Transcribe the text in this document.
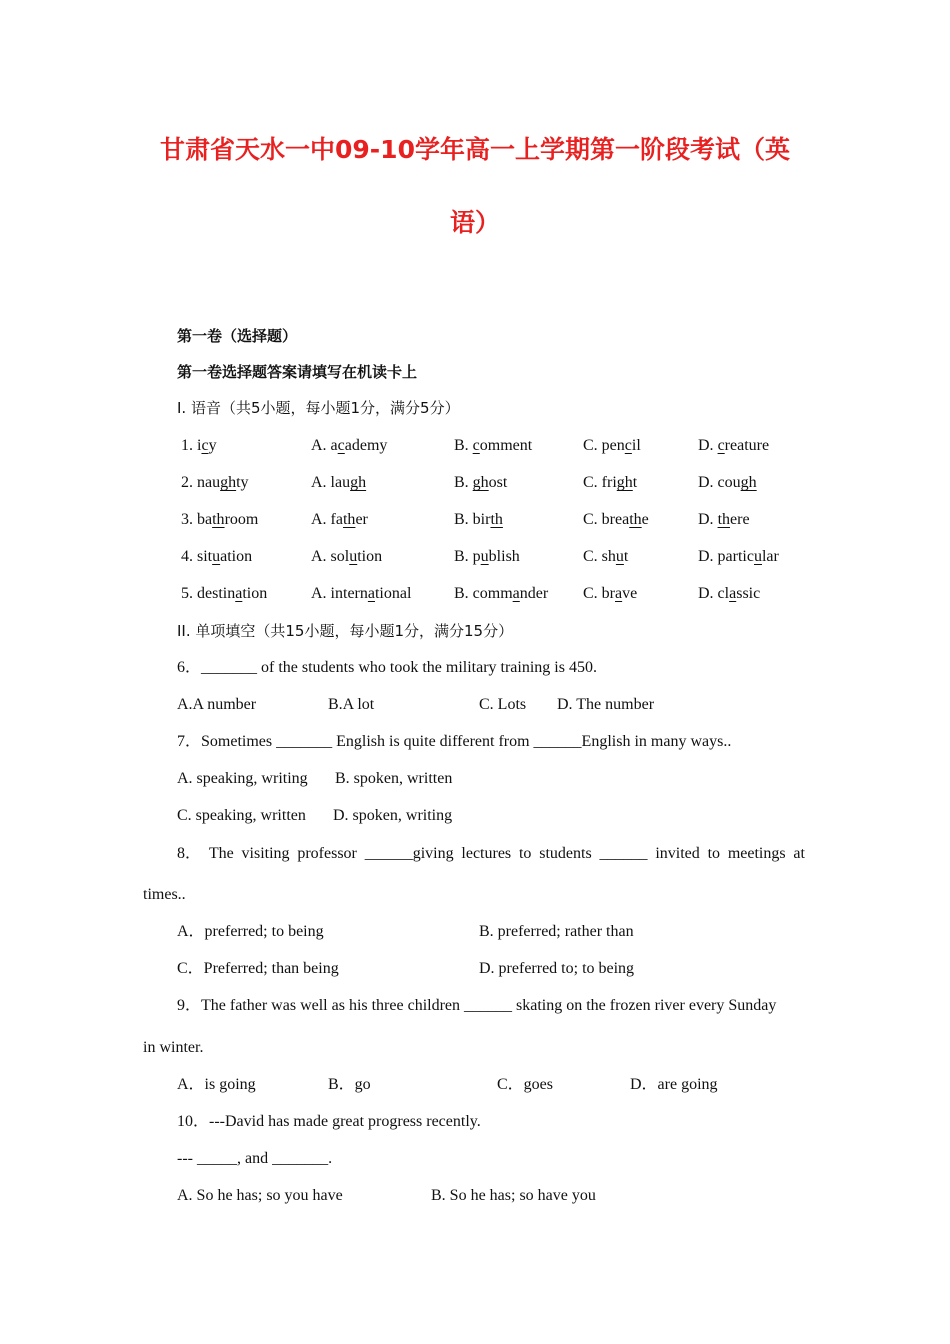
甘肃省天水一中09-10学年高一上学期第一阶段考试（英
语）
第一卷（选择题）
第一卷选择题答案请填写在机读卡上
I. 语音（共5小题，每小题1分，满分5分）
1. icy	A. academy	B. comment	C. pencil	D. creature
2. naughty	A. laugh	B. ghost	C. fright	D. cough
3. bathroom	A. father	B. birth	C. breathe	D. there
4. situation	A. solution	B. publish	C. shut	D. particular
5. destination	A. international	B. commander C. brave	D. classic
II. 单项填空（共15小题，每小题1分，满分15分）
6．_______ of the students who took the military training is 450.
A.A number	B.A lot	C. Lots D. The number
7．Sometimes _______ English is quite different from ______English in many ways..
A. speaking, writing B. spoken, written
C. speaking, written D. spoken, writing
8． The visiting professor ______giving lectures to students ______ invited to meetings at
times..
A．preferred; to being	B. preferred; rather than
C．Preferred; than being	D. preferred to; to being
9．The father was well as his three children ______ skating on the frozen river every Sunday
in winter.
A．is going	B．go	C．goes	D．are going
10．---David has made great progress recently.
--- _____, and _______.
A. So he has; so you have	B. So he has; so have you
